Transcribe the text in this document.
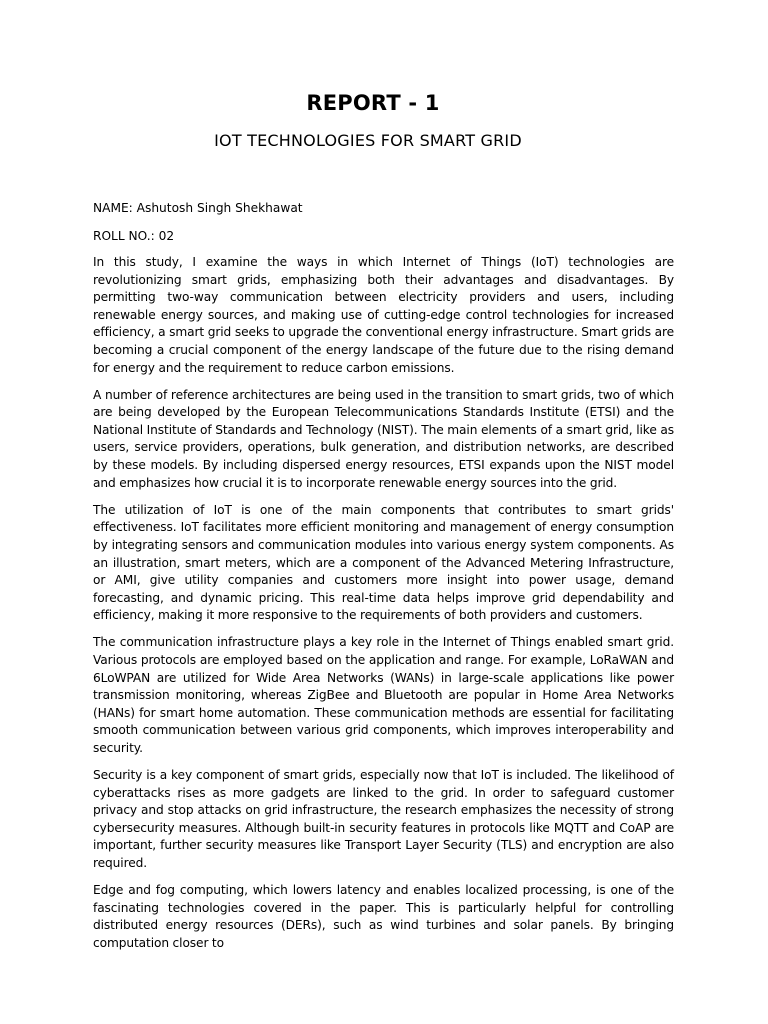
REPORT - 1
IOT TECHNOLOGIES FOR SMART GRID
NAME: Ashutosh Singh Shekhawat
ROLL NO.: 02

In this study, I examine the ways in which Internet of Things (IoT) technologies are revolutionizing smart grids, emphasizing both their advantages and disadvantages. By permitting two-way communication between electricity providers and users, including renewable energy sources, and making use of cutting-edge control technologies for increased efficiency, a smart grid seeks to upgrade the conventional energy infrastructure. Smart grids are becoming a crucial component of the energy landscape of the future due to the rising demand for energy and the requirement to reduce carbon emissions.

A number of reference architectures are being used in the transition to smart grids, two of which are being developed by the European Telecommunications Standards Institute (ETSI) and the National Institute of Standards and Technology (NIST). The main elements of a smart grid, like as users, service providers, operations, bulk generation, and distribution networks, are described by these models. By including dispersed energy resources, ETSI expands upon the NIST model and emphasizes how crucial it is to incorporate renewable energy sources into the grid.

The utilization of IoT is one of the main components that contributes to smart grids' effectiveness. IoT facilitates more efficient monitoring and management of energy consumption by integrating sensors and communication modules into various energy system components. As an illustration, smart meters, which are a component of the Advanced Metering Infrastructure, or AMI, give utility companies and customers more insight into power usage, demand forecasting, and dynamic pricing. This real-time data helps improve grid dependability and efficiency, making it more responsive to the requirements of both providers and customers.

The communication infrastructure plays a key role in the Internet of Things enabled smart grid. Various protocols are employed based on the application and range. For example, LoRaWAN and 6LoWPAN are utilized for Wide Area Networks (WANs) in large-scale applications like power transmission monitoring, whereas ZigBee and Bluetooth are popular in Home Area Networks (HANs) for smart home automation. These communication methods are essential for facilitating smooth communication between various grid components, which improves interoperability and security.

Security is a key component of smart grids, especially now that IoT is included. The likelihood of cyberattacks rises as more gadgets are linked to the grid. In order to safeguard customer privacy and stop attacks on grid infrastructure, the research emphasizes the necessity of strong cybersecurity measures. Although built-in security features in protocols like MQTT and CoAP are important, further security measures like Transport Layer Security (TLS) and encryption are also required.

Edge and fog computing, which lowers latency and enables localized processing, is one of the fascinating technologies covered in the paper. This is particularly helpful for controlling distributed energy resources (DERs), such as wind turbines and solar panels. By bringing computation closer to
